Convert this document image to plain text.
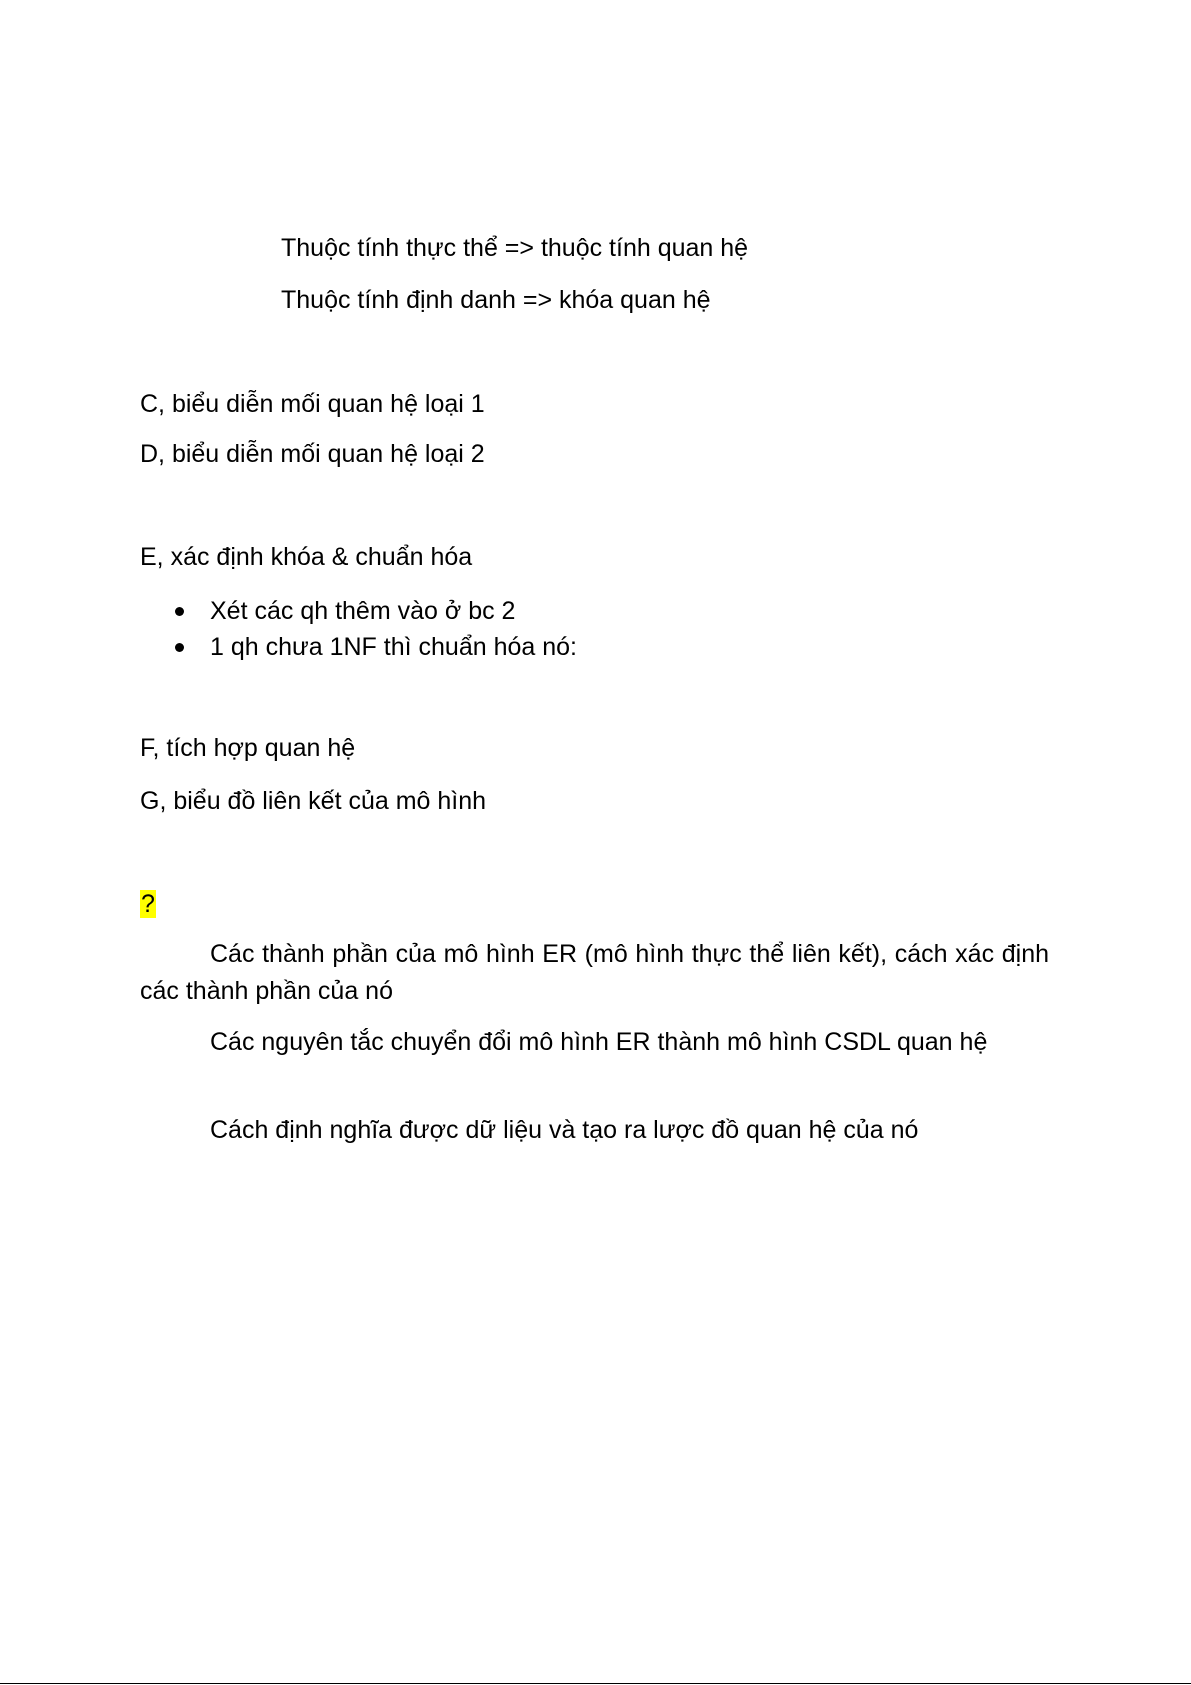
Thuộc tính thực thể => thuộc tính quan hệ
Thuộc tính định danh => khóa quan hệ
C, biểu diễn mối quan hệ loại 1
D, biểu diễn mối quan hệ loại 2
E, xác định khóa & chuẩn hóa
Xét các qh thêm vào ở bc 2
1 qh chưa 1NF thì chuẩn hóa nó:
F, tích hợp quan hệ
G, biểu đồ liên kết của mô hình
?
Các thành phần của mô hình ER (mô hình thực thể liên kết), cách xác định các thành phần của nó
Các nguyên tắc chuyển đổi mô hình ER thành mô hình CSDL quan hệ
Cách định nghĩa được dữ liệu và tạo ra lược đồ quan hệ của nó
